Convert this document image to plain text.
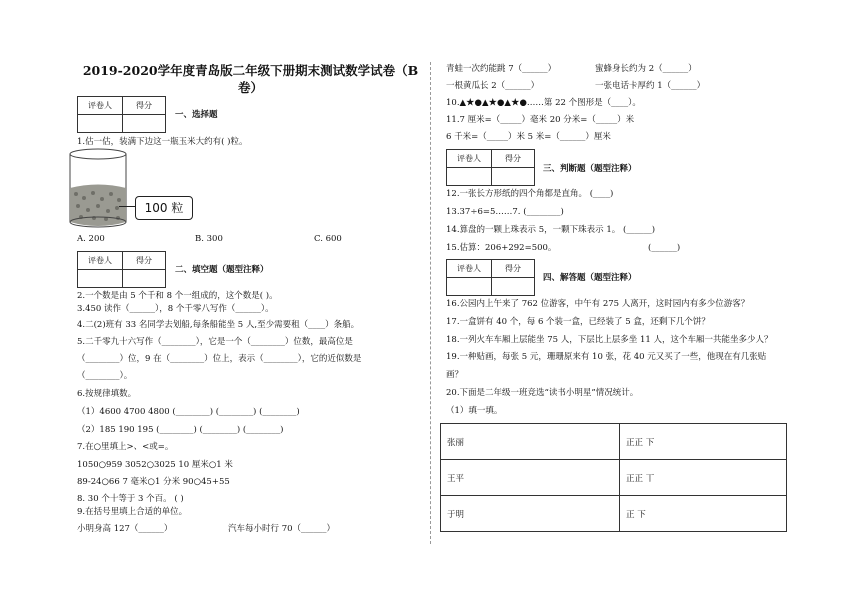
2019-2020学年度青岛版二年级下册期末测试数学试卷（B卷）
评卷人	得分

一、选择题
1.估一估，装满下边这一瓶玉米大约有( )粒。
100 粒
A. 200	B. 300	C. 600
评卷人	得分

二、填空题（题型注释）
2.一个数是由 5 个千和 8 个一组成的，这个数是( )。
3.450 读作（______），8 个千零八写作（______）。
4.二(2)班有 33 名同学去划船,每条船能坐 5 人,至少需要租（____）条船。
5.二千零九十六写作（________），它是一个（________）位数，最高位是
（________）位，9 在（________）位上，表示（________），它的近似数是
（________）。
6.按规律填数。
（1）4600 4700 4800 (________) (________) (________)
（2）185 190 195 (________) (________) (________)
7.在○里填上>、<或=。
1050○959 3052○3025 10 厘米○1 米
89-24○66 7 毫米○1 分米 90○45+55
8. 30 个十等于 3 个百。 ( )
9.在括号里填上合适的单位。
小明身高 127（______）	汽车每小时行 70（______）
青蛙一次约能跳 7（______）	蜜蜂身长约为 2（______）
一根黄瓜长 2（______）	一张电话卡厚约 1（______）
10.▲★●▲★●▲★●……第 22 个图形是（____）。
11.7 厘米=（_____）毫米 20 分米=（_____）米
6 千米=（_____）米 5 米=（______）厘米
评卷人	得分

三、判断题（题型注释）
12.一张长方形纸的四个角都是直角。 (____)
13.37÷6=5……7. (________)
14.算盘的一颗上珠表示 5，一颗下珠表示 1。 (______)
15.估算：206+292=500。	(______)
评卷人	得分

四、解答题（题型注释）
16.公园内上午来了 762 位游客，中午有 275 人离开，这时园内有多少位游客？
17.一盒饼有 40 个，每 6 个装一盒，已经装了 5 盒，还剩下几个饼？
18.一列火车车厢上层能坐 75 人，下层比上层多坐 11 人，这个车厢一共能坐多少人？
19.一种贴画，每张 5 元，珊珊原来有 10 张，花 40 元又买了一些，他现在有几张贴
画？
20.下面是二年级一班竞选“读书小明星”情况统计。
（1）填一填。
张丽	正正 下
王平	正正 丅
于明	正 下
